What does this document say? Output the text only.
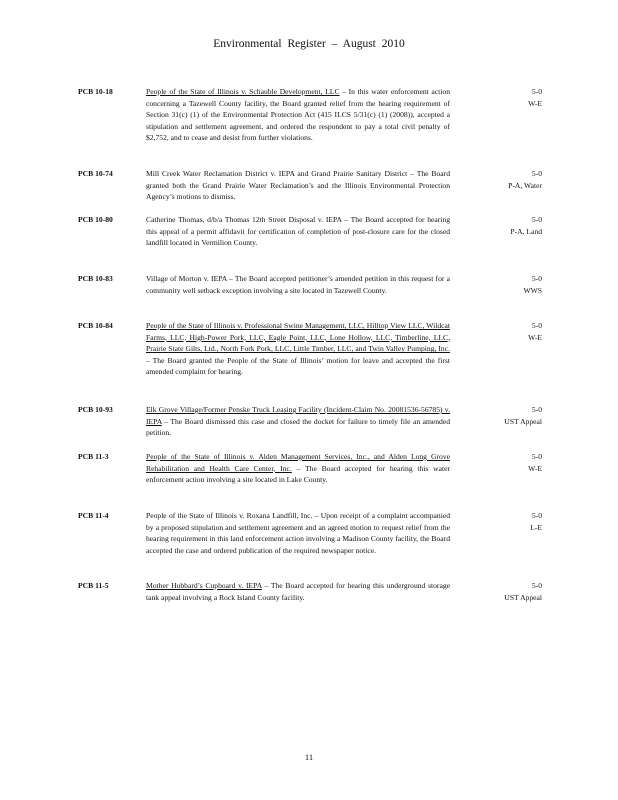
Environmental Register – August 2010
PCB 10-18	People of the State of Illinois v. Schauble Development, LLC – In this water enforcement action concerning a Tazewell County facility, the Board granted relief from the hearing requirement of Section 31(c) (1) of the Environmental Protection Act (415 ILCS 5/31(c) (1) (2008)), accepted a stipulation and settlement agreement, and ordered the respondent to pay a total civil penalty of $2,752, and to cease and desist from further violations.
5-0
W-E
PCB 10-74	Mill Creek Water Reclamation District v. IEPA and Grand Prairie Sanitary District – The Board granted both the Grand Prairie Water Reclamation’s and the Illinois Environmental Protection Agency’s motions to dismiss.
5-0
P-A, Water
PCB 10-80	Catherine Thomas, d/b/a Thomas 12th Street Disposal v. IEPA – The Board accepted for hearing this appeal of a permit affidavit for certification of completion of post-closure care for the closed landfill located in Vermilion County.
5-0
P-A, Land
PCB 10-83	Village of Morton v. IEPA – The Board accepted petitioner’s amended petition in this request for a community well setback exception involving a site located in Tazewell County.
5-0
WWS
PCB 10-84	People of the State of Illinois v. Professional Swine Management, LLC, Hilltop View LLC, Wildcat Farms, LLC, High-Power Pork, LLC, Eagle Point, LLC, Lone Hollow, LLC, Timberline, LLC, Prairie State Gilts, Ltd., North Fork Pork, LLC, Little Timber, LLC, and Twin Valley Pumping, Inc. – The Board granted the People of the State of Illinois’ motion for leave and accepted the first amended complaint for hearing.
5-0
W-E
PCB 10-93	Elk Grove Village/Former Penske Truck Leasing Facility (Incident-Claim No. 20081536-56785) v. IEPA – The Board dismissed this case and closed the docket for failure to timely file an amended petition.
5-0
UST Appeal
PCB 11-3	People of the State of Illinois v. Alden Management Services, Inc., and Alden Long Grove Rehabilitation and Health Care Center, Inc. – The Board accepted for hearing this water enforcement action involving a site located in Lake County.
5-0
W-E
PCB 11-4	People of the State of Illinois v. Roxana Landfill, Inc. – Upon receipt of a complaint accompanied by a proposed stipulation and settlement agreement and an agreed motion to request relief from the hearing requirement in this land enforcement action involving a Madison County facility, the Board accepted the case and ordered publication of the required newspaper notice.
5-0
L-E
PCB 11-5	Mother Hubbard’s Cupboard v. IEPA – The Board accepted for hearing this underground storage tank appeal involving a Rock Island County facility.
5-0
UST Appeal
11
